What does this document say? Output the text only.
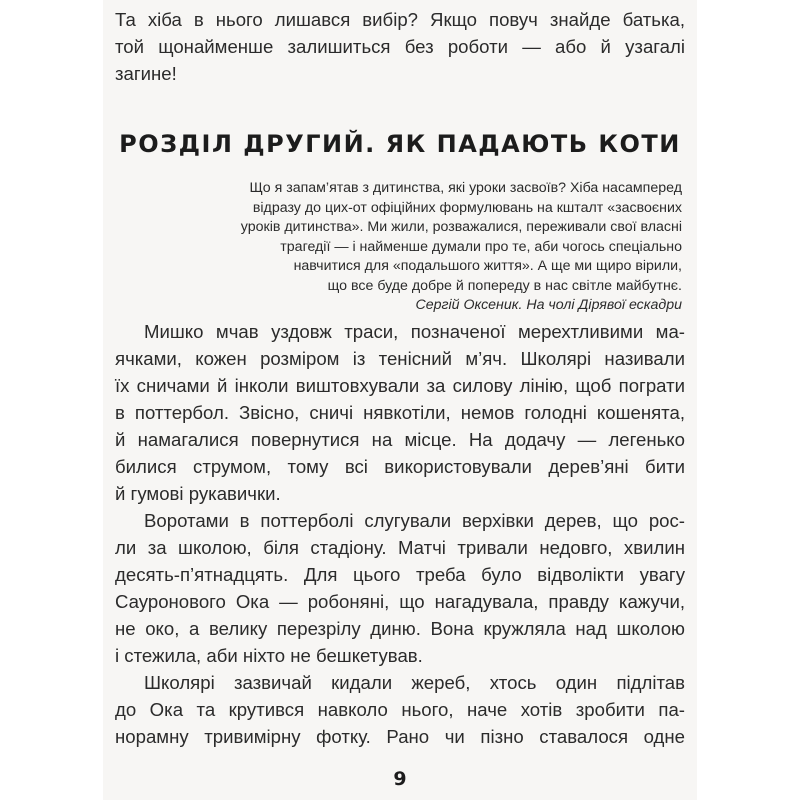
Та хіба в нього лишався вибір? Якщо повуч знайде батька,
той щонайменше залишиться без роботи — або й узагалі
загине!
РОЗДІЛ ДРУГИЙ. ЯК ПАДАЮТЬ КОТИ
Що я запам’ятав з дитинства, які уроки засвоїв? Хіба насамперед
відразу до цих-от офіційних формулювань на кшталт «засвоєних
уроків дитинства». Ми жили, розважалися, переживали свої власні
трагедії — і найменше думали про те, аби чогось спеціально
навчитися для «подальшого життя». А ще ми щиро вірили,
що все буде добре й попереду в нас світле майбутнє.
Сергій Оксеник. На чолі Дірявої ескадри
Мишко мчав уздовж траси, позначеної мерехтливими ма-
ячками, кожен розміром із тенісний м’яч. Школярі називали
їх сничами й інколи виштовхували за силову лінію, щоб пограти
в поттербол. Звісно, сничі нявкотіли, немов голодні кошенята,
й намагалися повернутися на місце. На додачу — легенько
билися струмом, тому всі використовували дерев’яні бити
й гумові рукавички.
Воротами в поттерболі слугували верхівки дерев, що рос-
ли за школою, біля стадіону. Матчі тривали недовго, хвилин
десять-п’ятнадцять. Для цього треба було відволікти увагу
Сауронового Ока — робоняні, що нагадувала, правду кажучи,
не око, а велику перезрілу диню. Вона кружляла над школою
і стежила, аби ніхто не бешкетував.
Школярі зазвичай кидали жереб, хтось один підлітав
до Ока та крутився навколо нього, наче хотів зробити па-
норамну тривимірну фотку. Рано чи пізно ставалося одне
9
